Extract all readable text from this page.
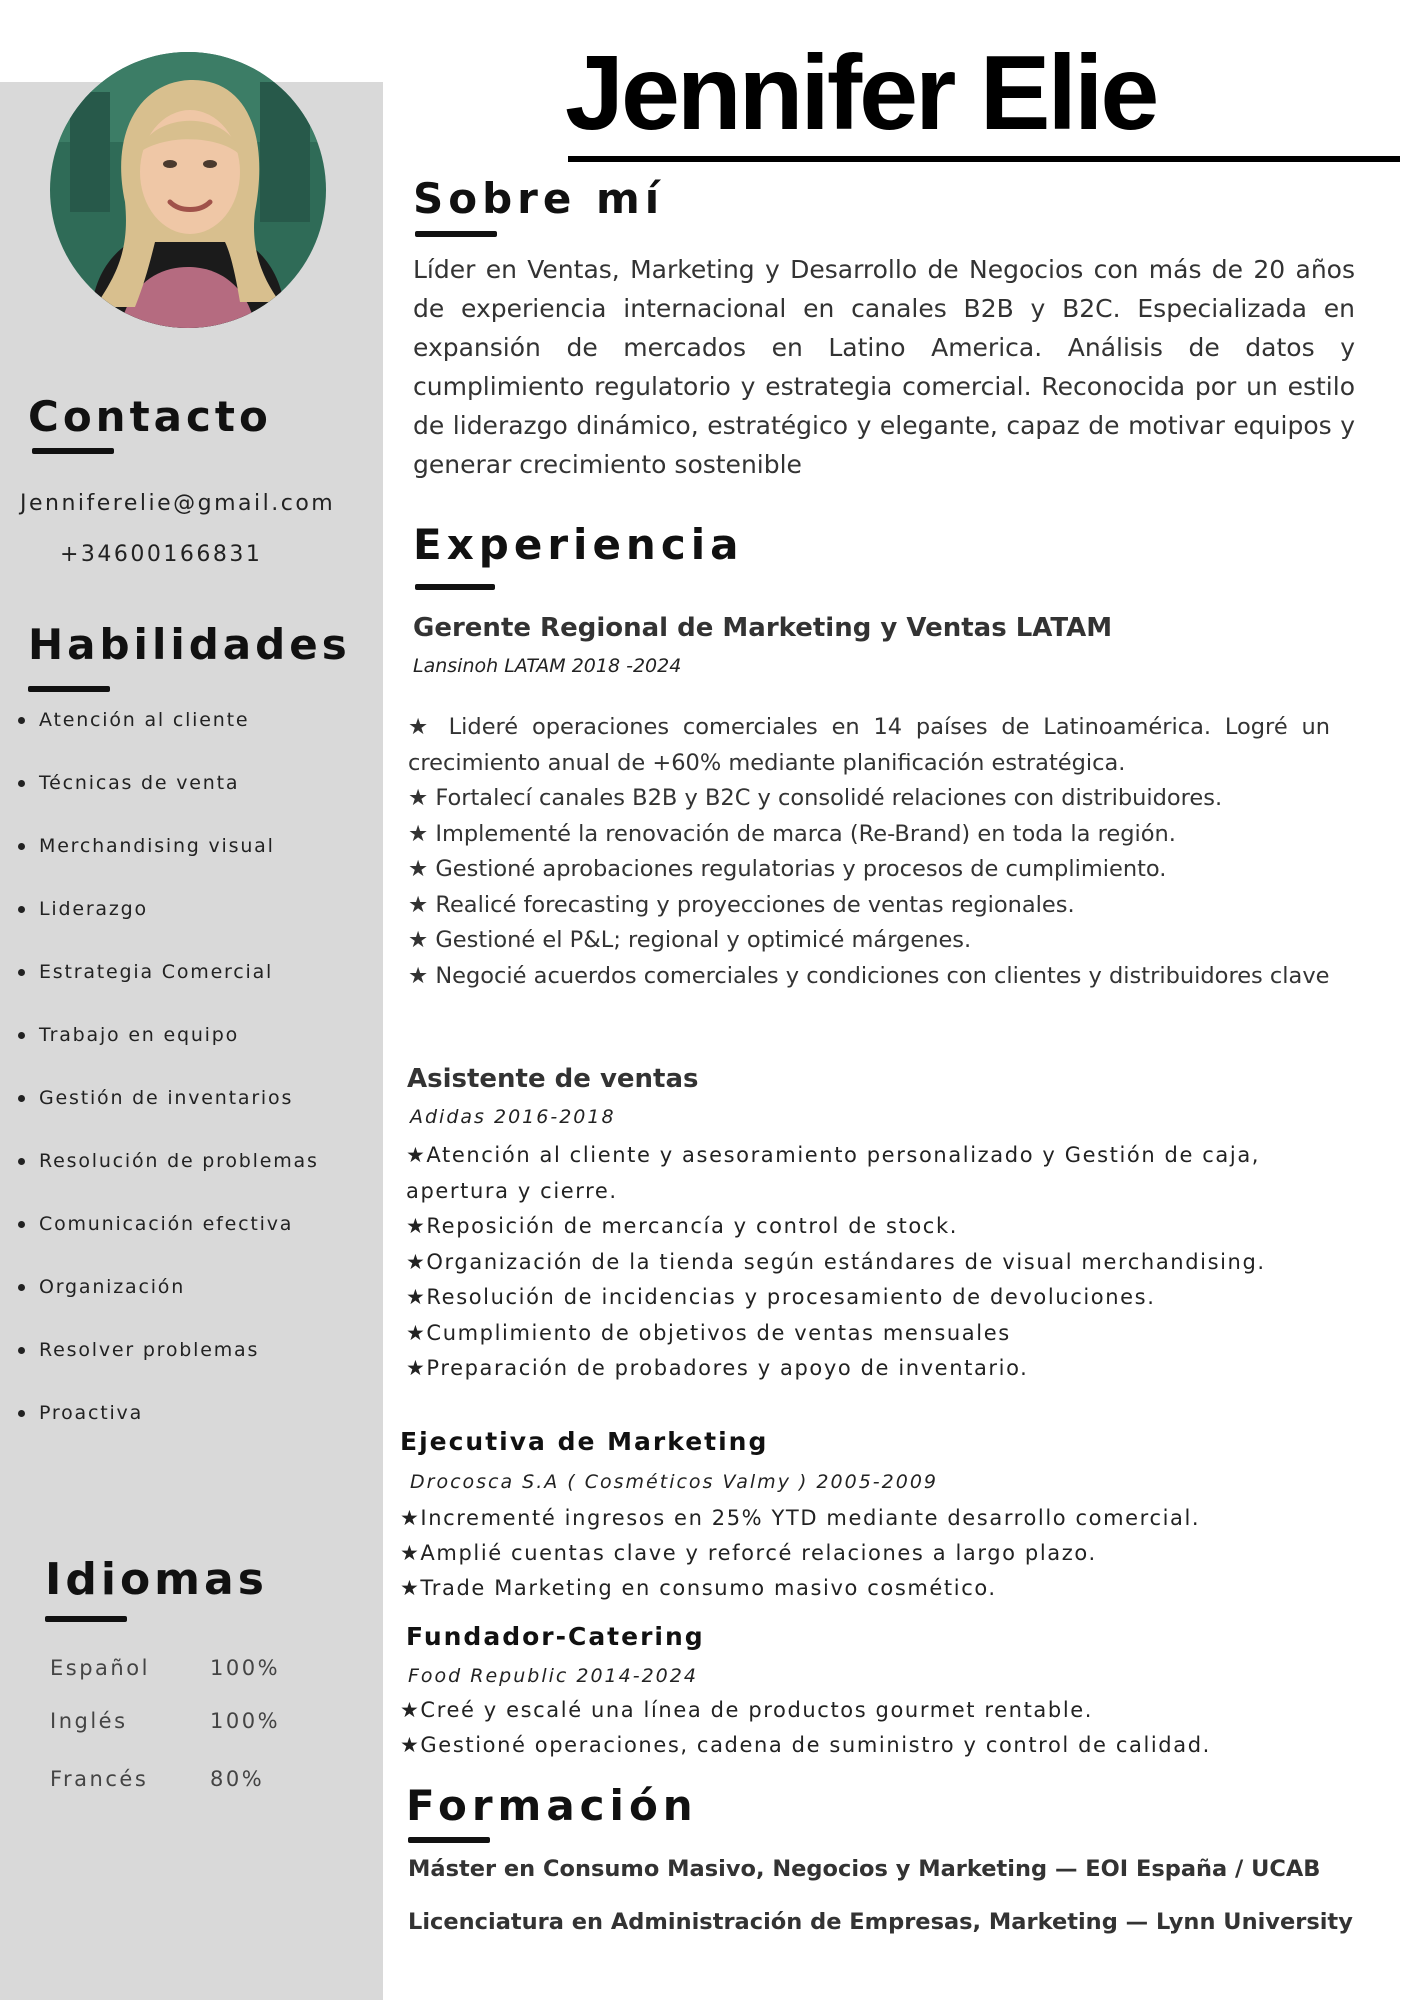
Contacto
Jenniferelie@gmail.com
+34600166831
Habilidades
Atención al cliente
Técnicas de venta
Merchandising visual
Liderazgo
Estrategia Comercial
Trabajo en equipo
Gestión de inventarios
Resolución de problemas
Comunicación efectiva
Organización
Resolver problemas
Proactiva
Idiomas
Español	100%
Inglés	100%
Francés	80%
Jennifer Elie
Sobre mí
Líder en Ventas, Marketing y Desarrollo de Negocios con más de 20 años de experiencia internacional en canales B2B y B2C. Especializada en expansión de mercados en Latino America. Análisis de datos y cumplimiento regulatorio y estrategia comercial. Reconocida por un estilo de liderazgo dinámico, estratégico y elegante, capaz de motivar equipos y generar crecimiento sostenible
Experiencia
Gerente Regional de Marketing y Ventas LATAM
Lansinoh LATAM 2018 -2024

★ Lideré operaciones comerciales en 14 países de Latinoamérica. Logré un crecimiento anual de +60% mediante planificación estratégica.

★ Fortalecí canales B2B y B2C y consolidé relaciones con distribuidores.

★ Implementé la renovación de marca (Re-Brand) en toda la región.

★ Gestioné aprobaciones regulatorias y procesos de cumplimiento.

★ Realicé forecasting y proyecciones de ventas regionales.

★ Gestioné el P&L; regional y optimicé márgenes.

★ Negocié acuerdos comerciales y condiciones con clientes y distribuidores clave

Asistente de ventas
Adidas 2016-2018

★Atención al cliente y asesoramiento personalizado y Gestión de caja,

apertura y cierre.

★Reposición de mercancía y control de stock.

★Organización de la tienda según estándares de visual merchandising.

★Resolución de incidencias y procesamiento de devoluciones.

★Cumplimiento de objetivos de ventas mensuales

★Preparación de probadores y apoyo de inventario.

Ejecutiva de Marketing
Drocosca S.A ( Cosméticos Valmy ) 2005-2009

★Incrementé ingresos en 25% YTD mediante desarrollo comercial.

★Amplié cuentas clave y reforcé relaciones a largo plazo.

★Trade Marketing en consumo masivo cosmético.

Fundador-Catering
Food Republic 2014-2024

★Creé y escalé una línea de productos gourmet rentable.

★Gestioné operaciones, cadena de suministro y control de calidad.

Formación
Máster en Consumo Masivo, Negocios y Marketing — EOI España / UCAB
Licenciatura en Administración de Empresas, Marketing — Lynn University
